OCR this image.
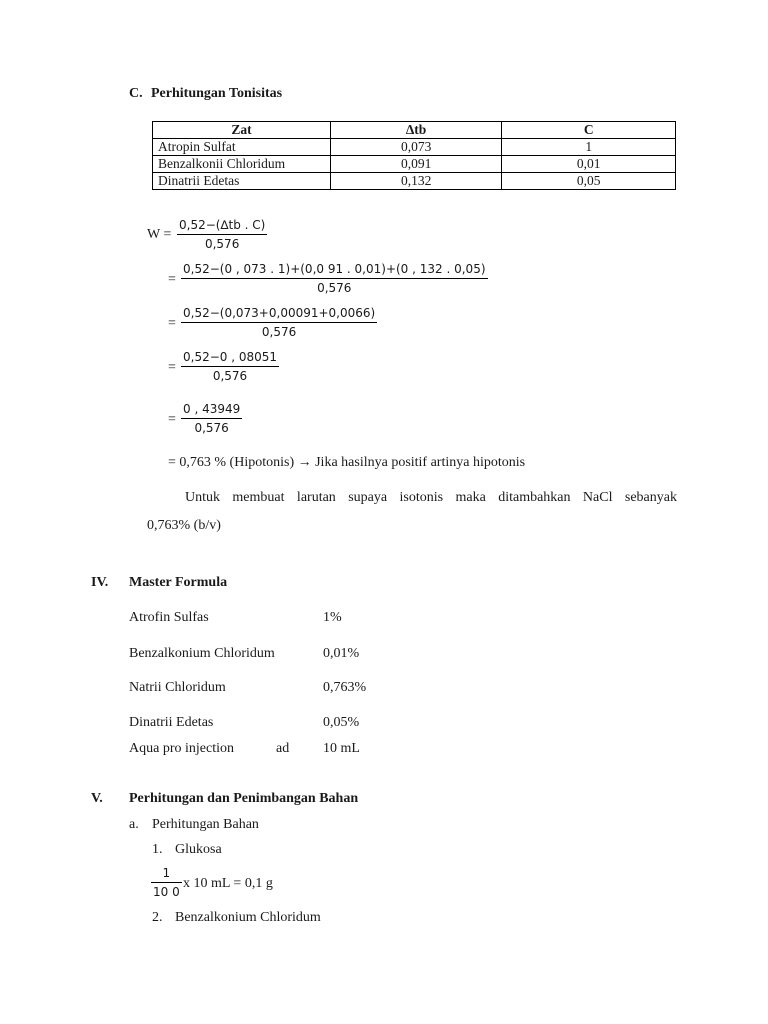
C. Perhitungan Tonisitas
Zat	∆tb	C
Atropin Sulfat	0,073	1
Benzalkonii Chloridum	0,091	0,01
Dinatrii Edetas	0,132	0,05
W =
0,52−(∆tb . C)
0,576
=
0,52−(0 , 073 . 1)+(0,0 91 . 0,01)+(0 , 132 . 0,05)
0,576
=
0,52−(0,073+0,00091+0,0066)
0,576
=
0,52−0 , 08051
0,576
=
0 , 43949
0,576
= 0,763 % (Hipotonis) → Jika hasilnya positif artinya hipotonis
Untuk membuat larutan supaya isotonis maka ditambahkan NaCl sebanyak
0,763% (b/v)
IV. Master Formula
Atrofin Sulfas	1%
Benzalkonium Chloridum	0,01%
Natrii Chloridum	0,763%
Dinatrii Edetas	0,05%
Aqua pro injection	ad 10 mL
V. Perhitungan dan Penimbangan Bahan
a. Perhitungan Bahan
1. Glukosa
1
10 0
x 10 mL = 0,1 g
2. Benzalkonium Chloridum
